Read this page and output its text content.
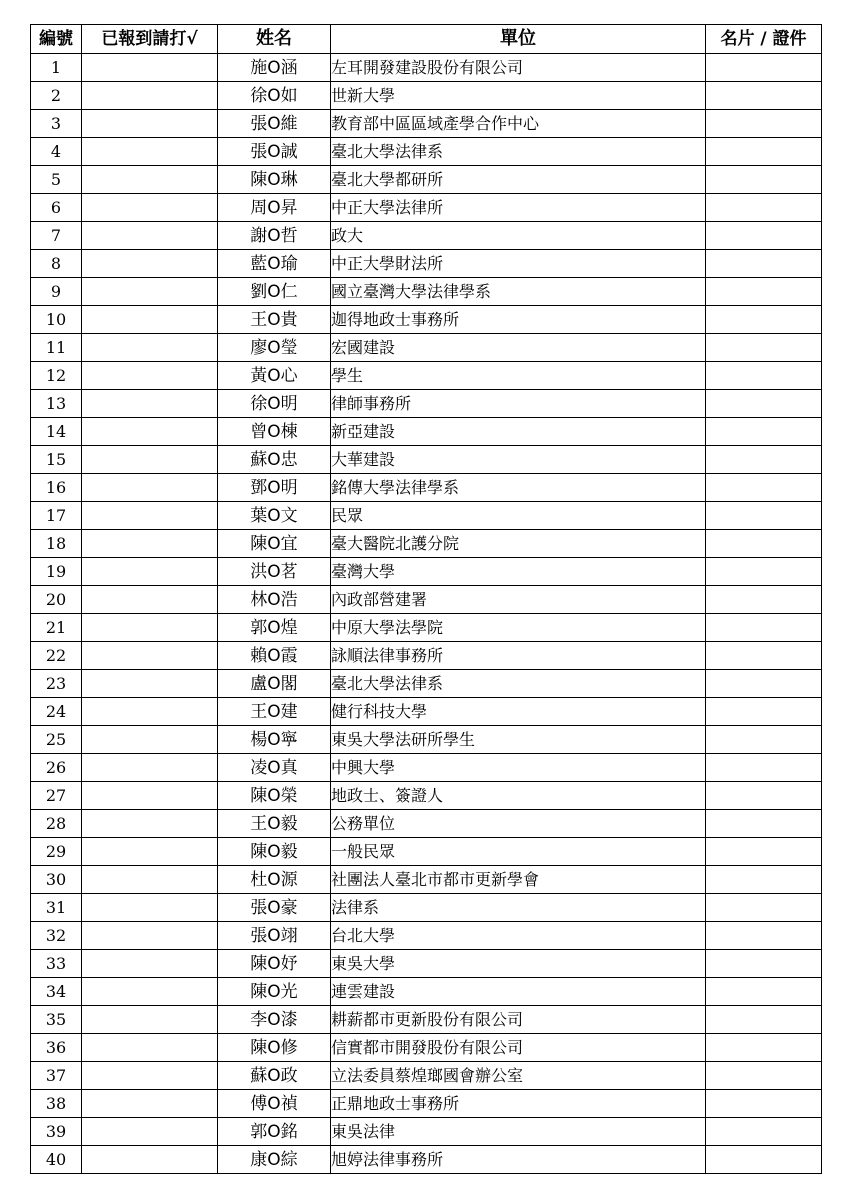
編號	已報到請打√	姓名	單位	名片 / 證件
1		施O涵	左耳開發建設股份有限公司	
2		徐O如	世新大學	
3		張O維	教育部中區區域產學合作中心	
4		張O誠	臺北大學法律系	
5		陳O琳	臺北大學都研所	
6		周O昇	中正大學法律所	
7		謝O哲	政大	
8		藍O瑜	中正大學財法所	
9		劉O仁	國立臺灣大學法律學系	
10		王O貴	迦得地政士事務所	
11		廖O瑩	宏國建設	
12		黃O心	學生	
13		徐O明	律師事務所	
14		曾O棟	新亞建設	
15		蘇O忠	大華建設	
16		鄧O明	銘傳大學法律學系	
17		葉O文	民眾	
18		陳O宜	臺大醫院北護分院	
19		洪O茗	臺灣大學	
20		林O浩	內政部營建署	
21		郭O煌	中原大學法學院	
22		賴O霞	詠順法律事務所	
23		盧O閣	臺北大學法律系	
24		王O建	健行科技大學	
25		楊O寧	東吳大學法研所學生	
26		凌O真	中興大學	
27		陳O榮	地政士、簽證人	
28		王O毅	公務單位	
29		陳O毅	一般民眾	
30		杜O源	社團法人臺北市都市更新學會	
31		張O豪	法律系	
32		張O翊	台北大學	
33		陳O妤	東吳大學	
34		陳O光	連雲建設	
35		李O漆	耕薪都市更新股份有限公司	
36		陳O修	信實都市開發股份有限公司	
37		蘇O政	立法委員蔡煌瑯國會辦公室	
38		傅O禎	正鼎地政士事務所	
39		郭O銘	東吳法律	
40		康O綜	旭婷法律事務所	
